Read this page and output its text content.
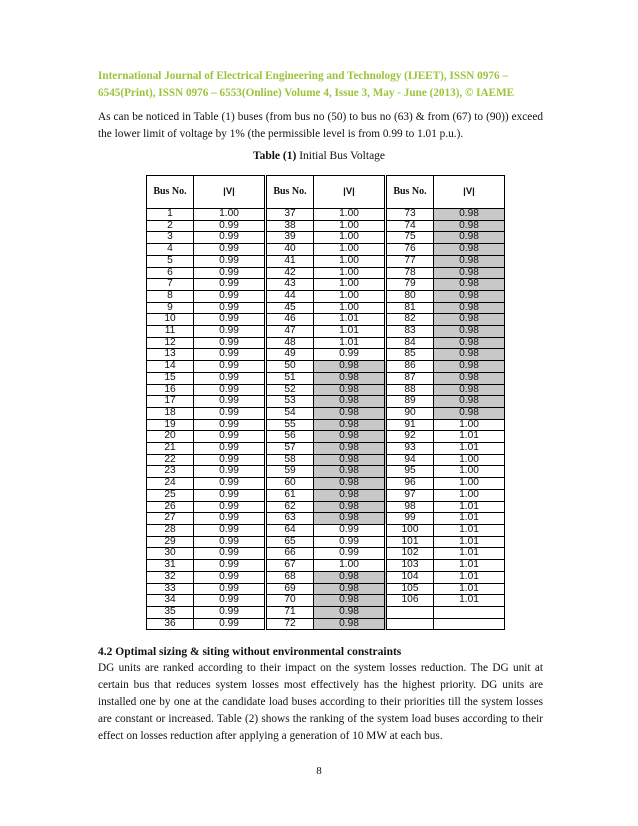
International Journal of Electrical Engineering and Technology (IJEET), ISSN 0976 –
6545(Print), ISSN 0976 – 6553(Online) Volume 4, Issue 3, May - June (2013), © IAEME
As can be noticed in Table (1) buses (from bus no (50) to bus no (63) & from (67) to (90)) exceed the lower limit of voltage by 1% (the permissible level is from 0.99 to 1.01 p.u.).
Table (1) Initial Bus Voltage
Bus No.	|V|	Bus No.	|V|	Bus No.	|V|
1	1.00	37	1.00	73	0.98
2	0.99	38	1.00	74	0.98
3	0.99	39	1.00	75	0.98
4	0.99	40	1.00	76	0.98
5	0.99	41	1.00	77	0.98
6	0.99	42	1.00	78	0.98
7	0.99	43	1.00	79	0.98
8	0.99	44	1.00	80	0.98
9	0.99	45	1.00	81	0.98
10	0.99	46	1.01	82	0.98
11	0.99	47	1.01	83	0.98
12	0.99	48	1.01	84	0.98
13	0.99	49	0.99	85	0.98
14	0.99	50	0.98	86	0.98
15	0.99	51	0.98	87	0.98
16	0.99	52	0.98	88	0.98
17	0.99	53	0.98	89	0.98
18	0.99	54	0.98	90	0.98
19	0.99	55	0.98	91	1.00
20	0.99	56	0.98	92	1.01
21	0.99	57	0.98	93	1.01
22	0.99	58	0.98	94	1.00
23	0.99	59	0.98	95	1.00
24	0.99	60	0.98	96	1.00
25	0.99	61	0.98	97	1.00
26	0.99	62	0.98	98	1.01
27	0.99	63	0.98	99	1.01
28	0.99	64	0.99	100	1.01
29	0.99	65	0.99	101	1.01
30	0.99	66	0.99	102	1.01
31	0.99	67	1.00	103	1.01
32	0.99	68	0.98	104	1.01
33	0.99	69	0.98	105	1.01
34	0.99	70	0.98	106	1.01
35	0.99	71	0.98		
36	0.99	72	0.98		
4.2 Optimal sizing & siting without environmental constraints
DG units are ranked according to their impact on the system losses reduction. The DG unit at certain bus that reduces system losses most effectively has the highest priority. DG units are installed one by one at the candidate load buses according to their priorities till the system losses are constant or increased. Table (2) shows the ranking of the system load buses according to their effect on losses reduction after applying a generation of 10 MW at each bus.
8
